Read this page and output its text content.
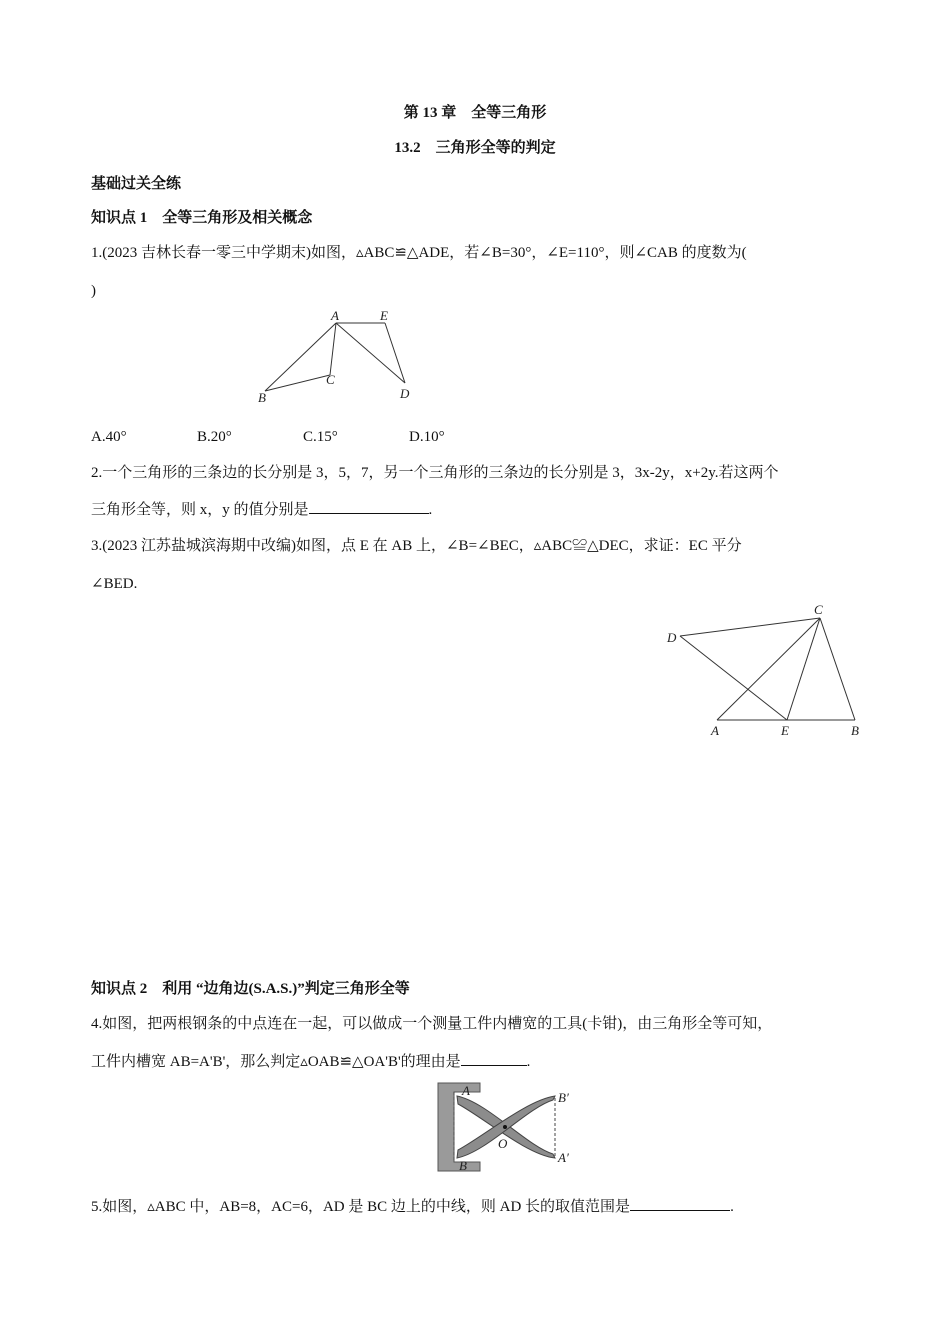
第 13 章　全等三角形
13.2　三角形全等的判定
基础过关全练
知识点 1　全等三角形及相关概念
1.(2023 吉林长春一零三中学期末)如图，▵ABC≌△ADE，若∠B=30°，∠E=110°，则∠CAB 的度数为(
)
A	E
C
B	D
A.40°	B.20°	C.15°	D.10°
2.一个三角形的三条边的长分别是 3，5，7，另一个三角形的三条边的长分别是 3，3x-2y，x+2y.若这两个
三角形全等，则 x，y 的值分别是	.
3.(2023 江苏盐城滨海期中改编)如图，点 E 在 AB 上，∠B=∠BEC，▵ABC≌△DEC，求证：EC 平分
∠BED.
C
D
A	E	B
知识点 2　利用 “边角边(S.A.S.)”判定三角形全等
4.如图，把两根钢条的中点连在一起，可以做成一个测量工件内槽宽的工具(卡钳)，由三角形全等可知，
工件内槽宽 AB=A'B'，那么判定▵OAB≌△OA'B'的理由是	.
A
B
O
B′
A′
5.如图，▵ABC 中，AB=8，AC=6，AD 是 BC 边上的中线，则 AD 长的取值范围是	.
